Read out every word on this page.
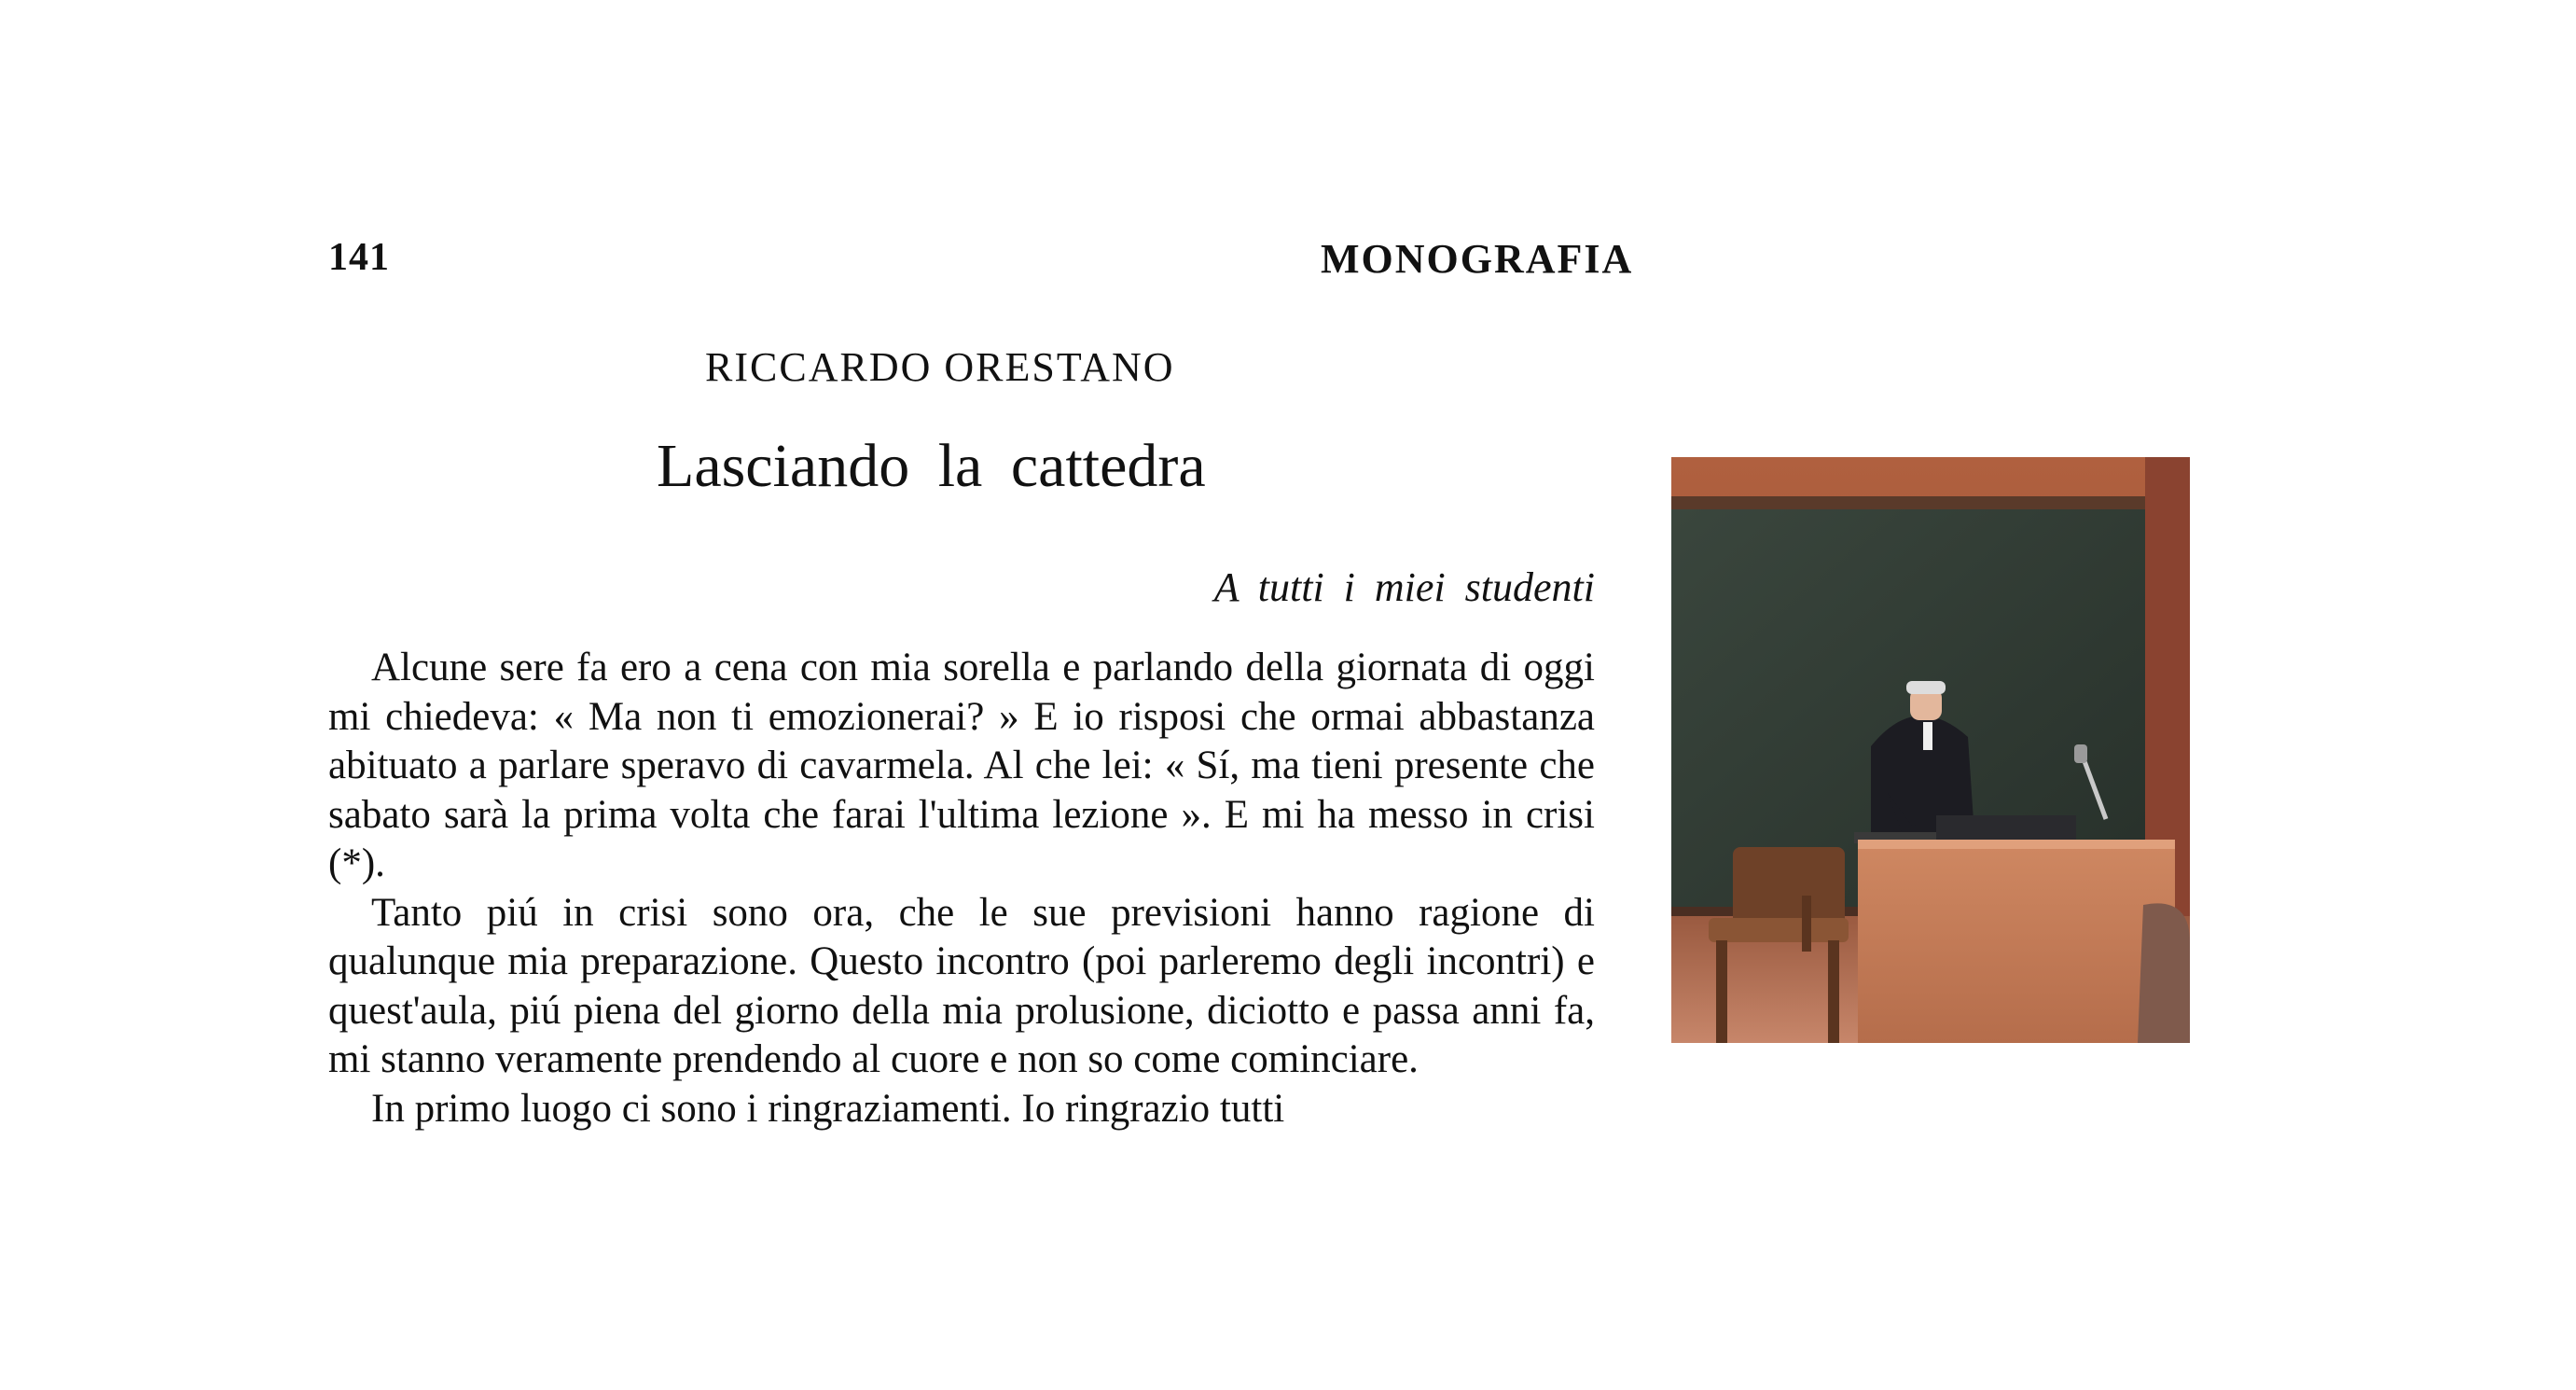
141	MONOGRAFIA
RICCARDO ORESTANO
Lasciando la cattedra
A tutti i miei studenti

Alcune sere fa ero a cena con mia sorella e parlando della giornata di oggi mi chiedeva: « Ma non ti emozionerai? » E io risposi che ormai abbastanza abituato a parlare speravo di cavarmela. Al che lei: « Sí, ma tieni presente che sabato sarà la prima volta che farai l'ultima lezione ». E mi ha messo in crisi (*).

Tanto piú in crisi sono ora, che le sue previsioni hanno ragione di qualunque mia preparazione. Questo incontro (poi parleremo degli incontri) e quest'aula, piú piena del giorno della mia prolusione, diciotto e passa anni fa, mi stanno veramente prendendo al cuore e non so come cominciare.

In primo luogo ci sono i ringraziamenti. Io ringrazio tutti
